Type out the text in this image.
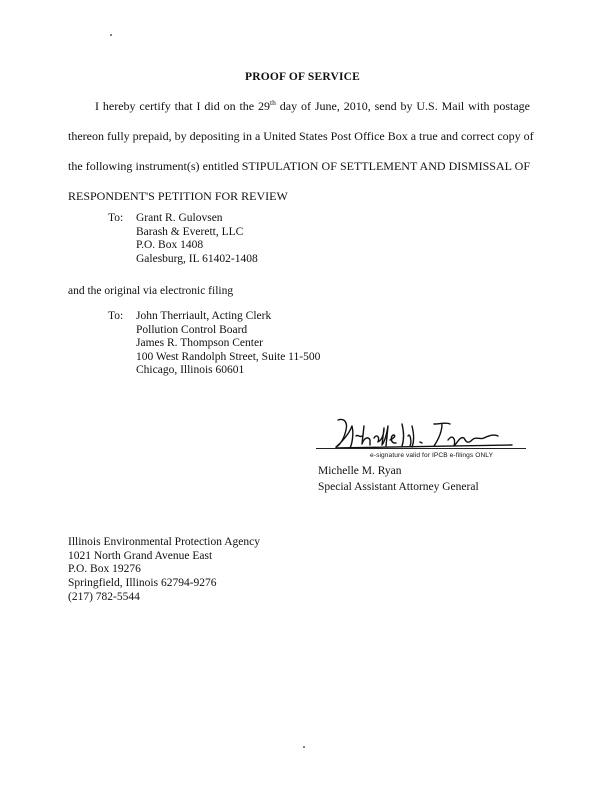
PROOF OF SERVICE
I hereby certify that I did on the 29th day of June, 2010, send by U.S. Mail with postage
thereon fully prepaid, by depositing in a United States Post Office Box a true and correct copy of
the following instrument(s) entitled STIPULATION OF SETTLEMENT AND DISMISSAL OF
RESPONDENT'S PETITION FOR REVIEW
To: Grant R. Gulovsen
Barash & Everett, LLC
P.O. Box 1408
Galesburg, IL 61402-1408
and the original via electronic filing
To: John Therriault, Acting Clerk
Pollution Control Board
James R. Thompson Center
100 West Randolph Street, Suite 11-500
Chicago, Illinois 60601
e-signature valid for IPCB e-filings ONLY
Michelle M. Ryan
Special Assistant Attorney General
Illinois Environmental Protection Agency
1021 North Grand Avenue East
P.O. Box 19276
Springfield, Illinois 62794-9276
(217) 782-5544
